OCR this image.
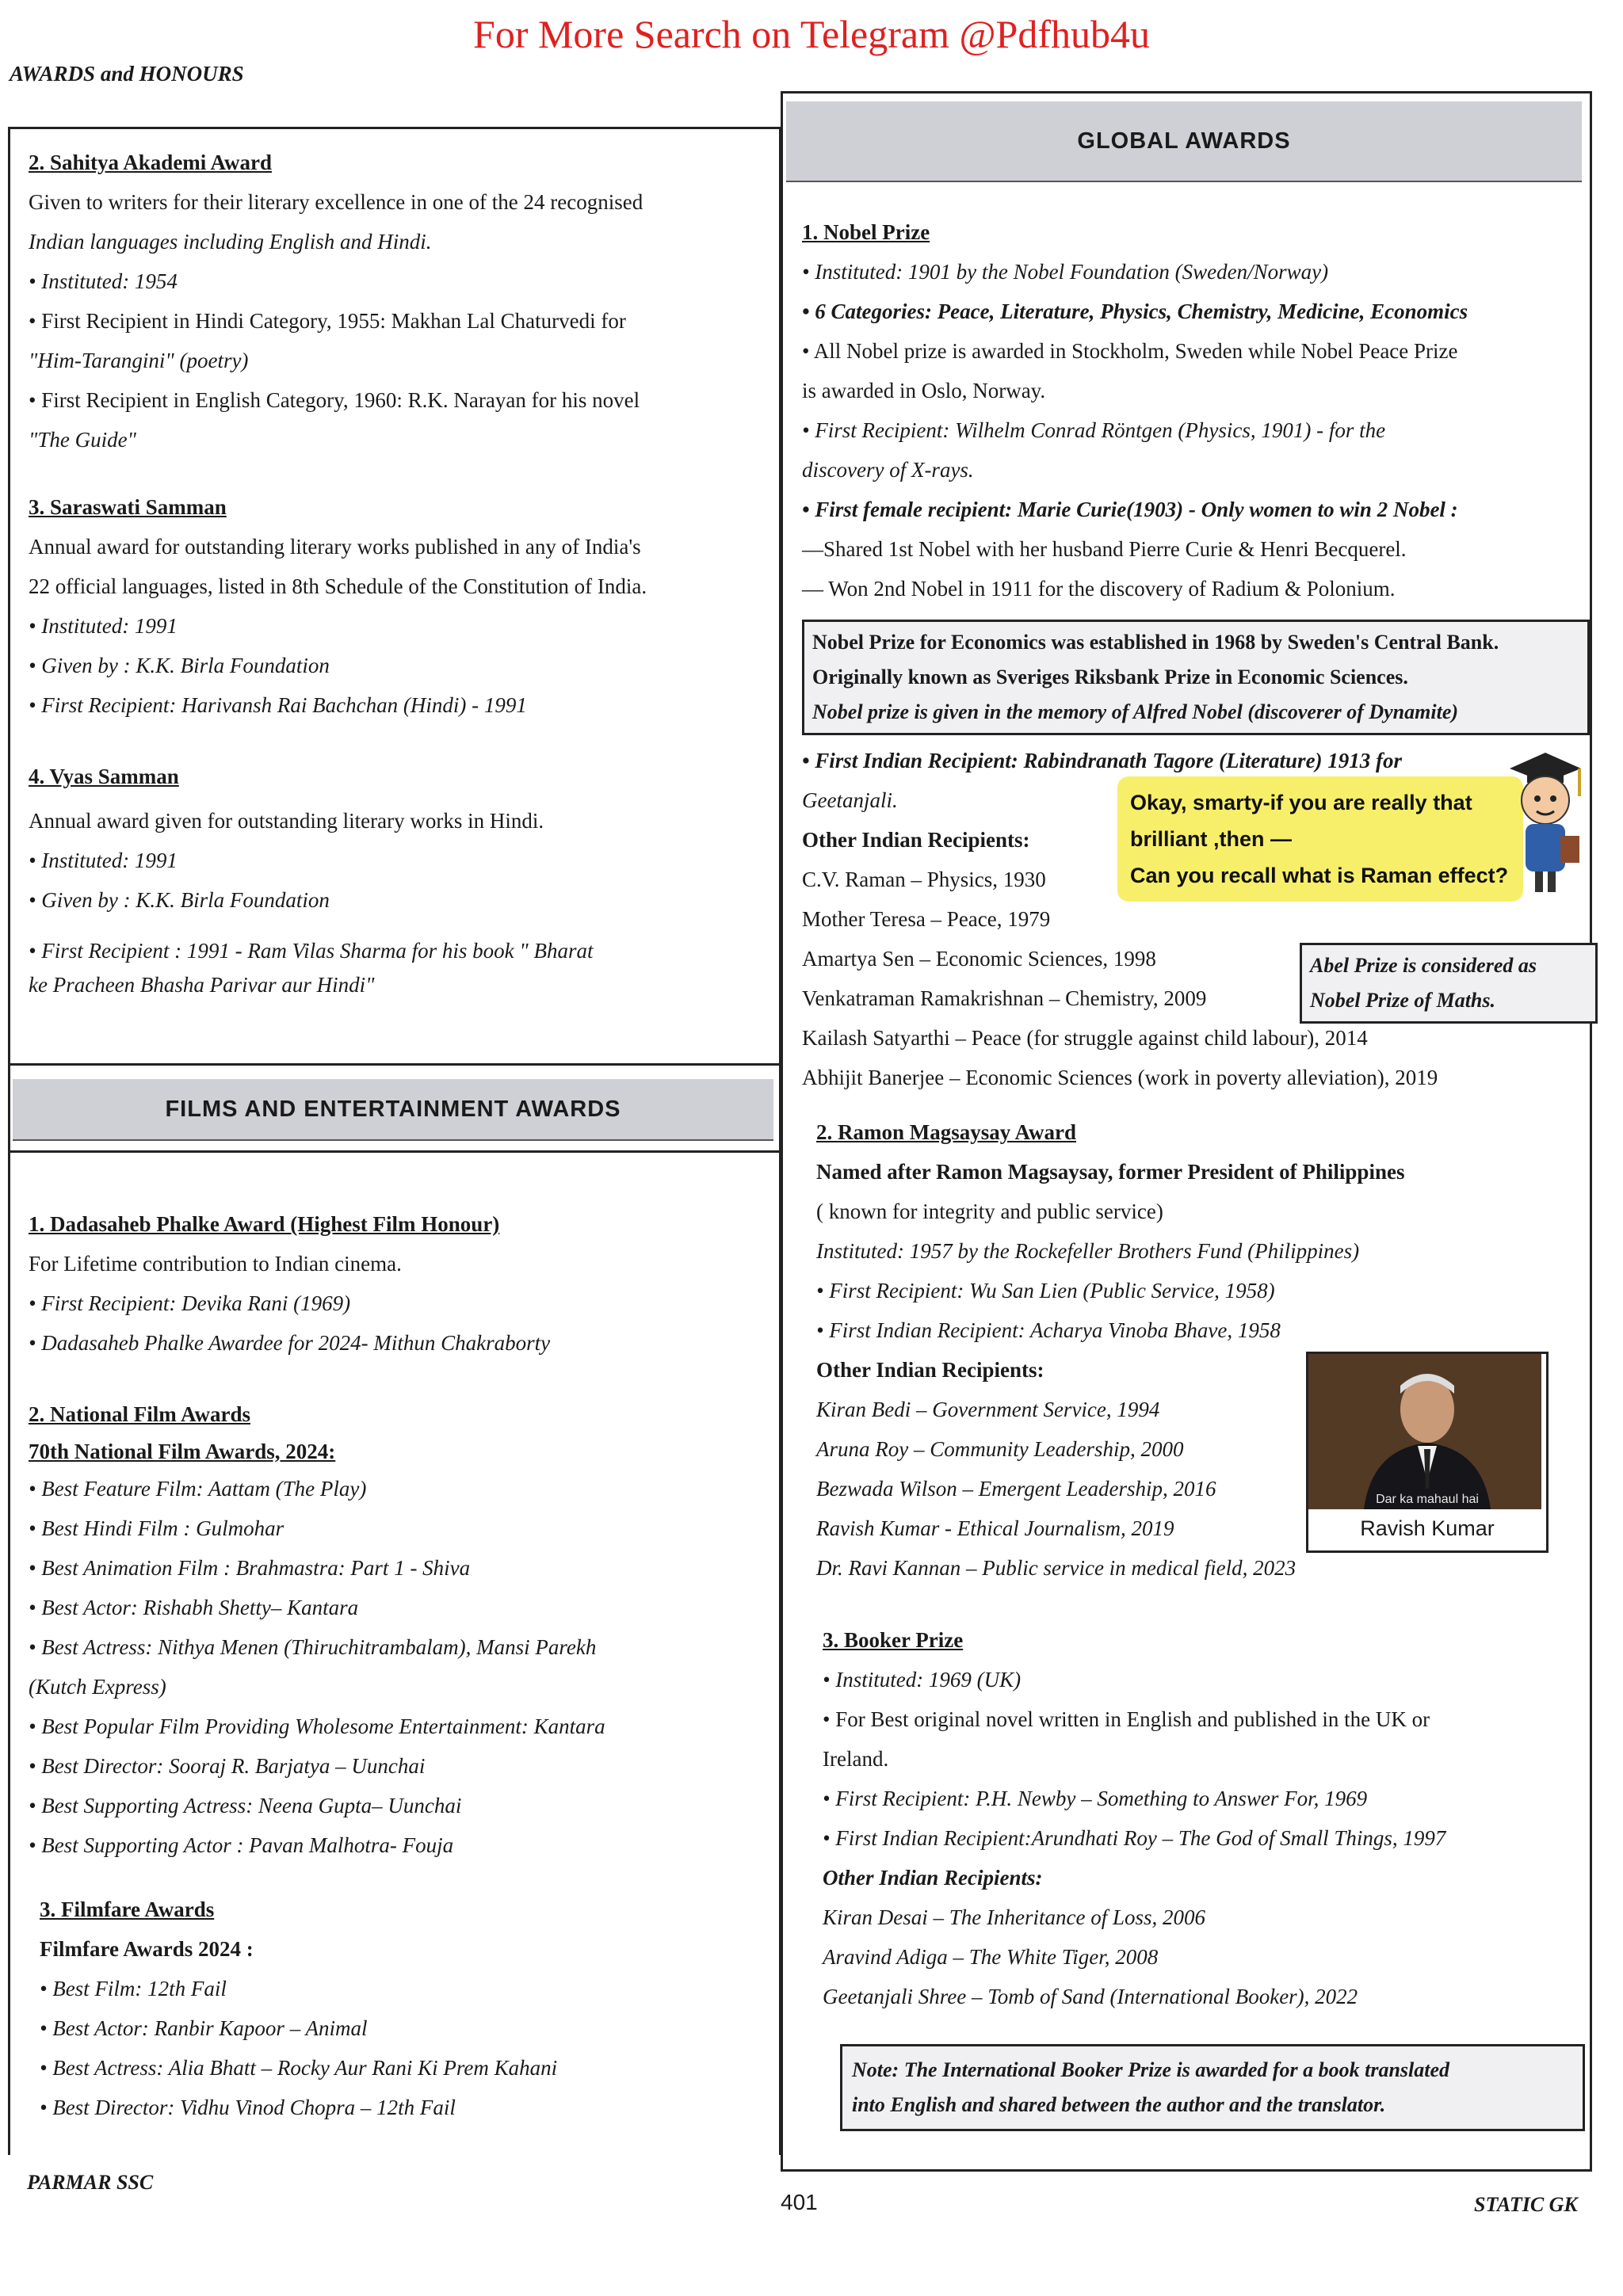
For More Search on Telegram @Pdfhub4u
AWARDS and HONOURS
2. Sahitya Akademi Award
Given to writers for their literary excellence in one of the 24 recognised
Indian languages including English and Hindi.
• Instituted: 1954
• First Recipient in Hindi Category, 1955: Makhan Lal Chaturvedi for
"Him-Tarangini" (poetry)
• First Recipient in English Category, 1960: R.K. Narayan for his novel
"The Guide"
3. Saraswati Samman
Annual award for outstanding literary works published in any of India's
22 official languages, listed in 8th Schedule of the Constitution of India.
• Instituted: 1991
• Given by : K.K. Birla Foundation
• First Recipient: Harivansh Rai Bachchan (Hindi) - 1991
4. Vyas Samman
Annual award given for outstanding literary works in Hindi.
• Instituted: 1991
• Given by : K.K. Birla Foundation
• First Recipient : 1991 - Ram Vilas Sharma for his book " Bharat
ke Pracheen Bhasha Parivar aur Hindi"
FILMS AND ENTERTAINMENT AWARDS
1. Dadasaheb Phalke Award (Highest Film Honour)
For Lifetime contribution to Indian cinema.
• First Recipient: Devika Rani (1969)
• Dadasaheb Phalke Awardee for 2024- Mithun Chakraborty
2. National Film Awards
70th National Film Awards, 2024:
• Best Feature Film: Aattam (The Play)
• Best Hindi Film : Gulmohar
• Best Animation Film : Brahmastra: Part 1 - Shiva
• Best Actor: Rishabh Shetty– Kantara
• Best Actress: Nithya Menen (Thiruchitrambalam), Mansi Parekh
(Kutch Express)
• Best Popular Film Providing Wholesome Entertainment: Kantara
• Best Director: Sooraj R. Barjatya – Uunchai
• Best Supporting Actress: Neena Gupta– Uunchai
• Best Supporting Actor : Pavan Malhotra- Fouja
3. Filmfare Awards
Filmfare Awards 2024 :
• Best Film: 12th Fail
• Best Actor: Ranbir Kapoor – Animal
• Best Actress: Alia Bhatt – Rocky Aur Rani Ki Prem Kahani
• Best Director: Vidhu Vinod Chopra – 12th Fail
GLOBAL AWARDS
1. Nobel Prize
• Instituted: 1901 by the Nobel Foundation (Sweden/Norway)
• 6 Categories: Peace, Literature, Physics, Chemistry, Medicine, Economics
• All Nobel prize is awarded in Stockholm, Sweden while Nobel Peace Prize
is awarded in Oslo, Norway.
• First Recipient: Wilhelm Conrad Röntgen (Physics, 1901) - for the
discovery of X-rays.
• First female recipient: Marie Curie(1903) - Only women to win 2 Nobel :
—Shared 1st Nobel with her husband Pierre Curie & Henri Becquerel.
— Won 2nd Nobel in 1911 for the discovery of Radium & Polonium.
Nobel Prize for Economics was established in 1968 by Sweden's Central Bank.
Originally known as Sveriges Riksbank Prize in Economic Sciences.
Nobel prize is given in the memory of Alfred Nobel (discoverer of Dynamite)
• First Indian Recipient: Rabindranath Tagore (Literature) 1913 for
Geetanjali.
Other Indian Recipients:
C.V. Raman – Physics, 1930
Mother Teresa – Peace, 1979
Amartya Sen – Economic Sciences, 1998
Venkatraman Ramakrishnan – Chemistry, 2009
Kailash Satyarthi – Peace (for struggle against child labour), 2014
Abhijit Banerjee – Economic Sciences (work in poverty alleviation), 2019
Okay, smarty-if you are really that
brilliant ,then —
Can you recall what is Raman effect?
Abel Prize is considered as
Nobel Prize of Maths.
2. Ramon Magsaysay Award
Named after Ramon Magsaysay, former President of Philippines
( known for integrity and public service)
Instituted: 1957 by the Rockefeller Brothers Fund (Philippines)
• First Recipient: Wu San Lien (Public Service, 1958)
• First Indian Recipient: Acharya Vinoba Bhave, 1958
Other Indian Recipients:
Kiran Bedi – Government Service, 1994
Aruna Roy – Community Leadership, 2000
Bezwada Wilson – Emergent Leadership, 2016
Ravish Kumar - Ethical Journalism, 2019
Dr. Ravi Kannan – Public service in medical field, 2023
Dar ka mahaul hai
Ravish Kumar
3. Booker Prize
• Instituted: 1969 (UK)
• For Best original novel written in English and published in the UK or
Ireland.
• First Recipient: P.H. Newby – Something to Answer For, 1969
• First Indian Recipient:Arundhati Roy – The God of Small Things, 1997
Other Indian Recipients:
Kiran Desai – The Inheritance of Loss, 2006
Aravind Adiga – The White Tiger, 2008
Geetanjali Shree – Tomb of Sand (International Booker), 2022
Note: The International Booker Prize is awarded for a book translated
into English and shared between the author and the translator.
PARMAR SSC
401	STATIC GK
